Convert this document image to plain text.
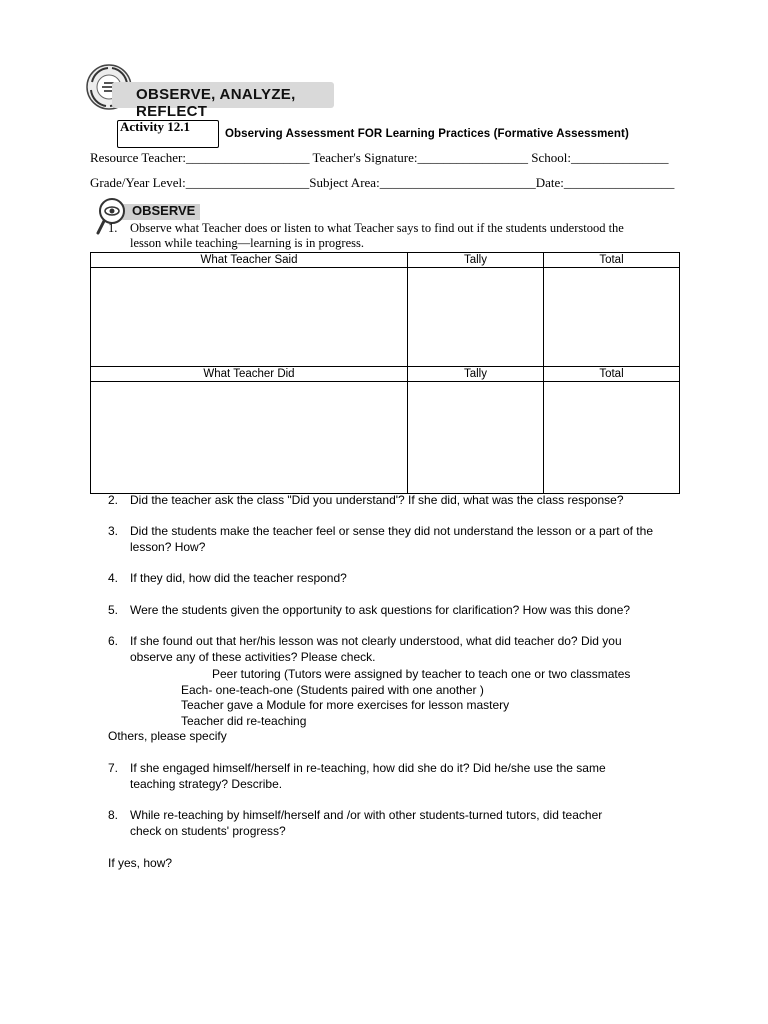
OBSERVE, ANALYZE, REFLECT
Activity 12.1	Observing Assessment FOR Learning Practices (Formative Assessment)
Resource Teacher:___________________ Teacher's Signature:_________________ School:_______________
Grade/Year Level:___________________Subject Area:________________________Date:_________________
OBSERVE
1. Observe what Teacher does or listen to what Teacher says to find out if the students understood the lesson while teaching—learning is in progress.
What Teacher Said	Tally	Total

What Teacher Did	Tally	Total

2. Did the teacher ask the class "Did you understand'? If she did, what was the class response?
3. Did the students make the teacher feel or sense they did not understand the lesson or a part of the lesson? How?
4. If they did, how did the teacher respond?
5. Were the students given the opportunity to ask questions for clarification? How was this done?
6. If she found out that her/his lesson was not clearly understood, what did teacher do? Did you observe any of these activities? Please check.
Peer tutoring (Tutors were assigned by teacher to teach one or two classmates
Each- one-teach-one (Students paired with one another )
Teacher gave a Module for more exercises for lesson mastery
Teacher did re-teaching
Others, please specify
7. If she engaged himself/herself in re-teaching, how did she do it? Did he/she use the same teaching strategy? Describe.
8. While re-teaching by himself/herself and /or with other students-turned tutors, did teacher check on students' progress?
If yes, how?
